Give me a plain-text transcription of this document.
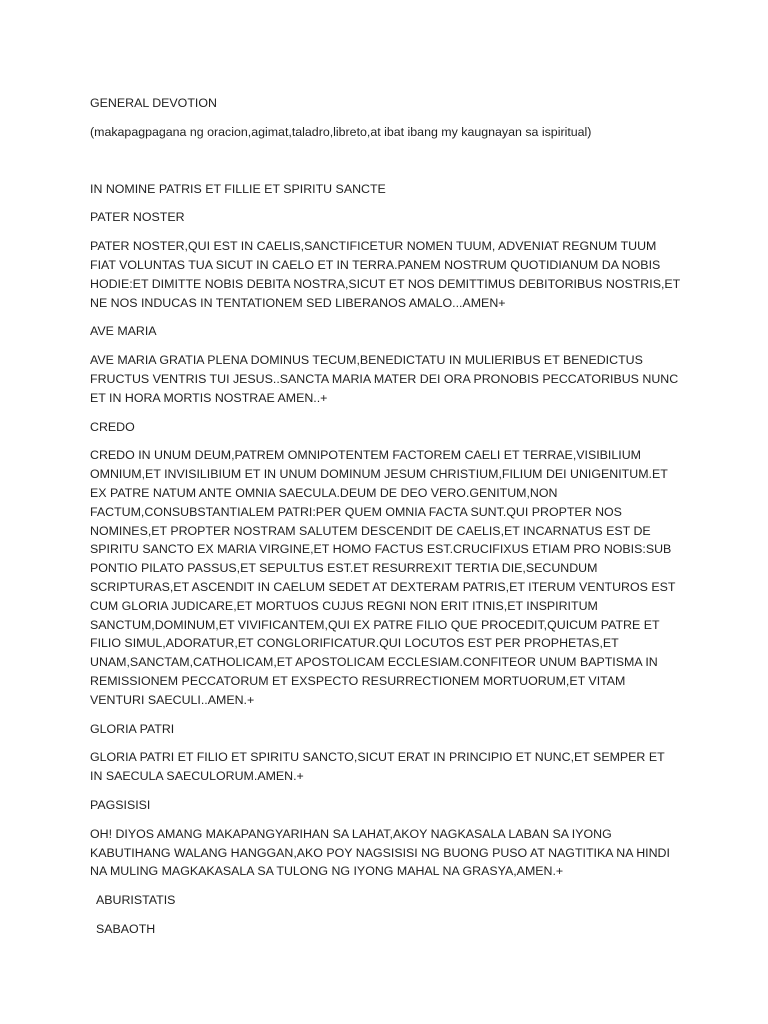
GENERAL DEVOTION

(makapagpagana ng oracion,agimat,taladro,libreto,at ibat ibang my kaugnayan sa ispiritual)

IN NOMINE PATRIS ET FILLIE ET SPIRITU SANCTE

PATER NOSTER

PATER NOSTER,QUI EST IN CAELIS,SANCTIFICETUR NOMEN TUUM, ADVENIAT REGNUM TUUM FIAT VOLUNTAS TUA SICUT IN CAELO ET IN TERRA.PANEM NOSTRUM QUOTIDIANUM DA NOBIS HODIE:ET DIMITTE NOBIS DEBITA NOSTRA,SICUT ET NOS DEMITTIMUS DEBITORIBUS NOSTRIS,ET NE NOS INDUCAS IN TENTATIONEM SED LIBERANOS AMALO...AMEN+

AVE MARIA

AVE MARIA GRATIA PLENA DOMINUS TECUM,BENEDICTATU IN MULIERIBUS ET BENEDICTUS FRUCTUS VENTRIS TUI JESUS..SANCTA MARIA MATER DEI ORA PRONOBIS PECCATORIBUS NUNC ET IN HORA MORTIS NOSTRAE AMEN..+

CREDO

CREDO IN UNUM DEUM,PATREM OMNIPOTENTEM FACTOREM CAELI ET TERRAE,VISIBILIUM OMNIUM,ET INVISILIBIUM ET IN UNUM DOMINUM JESUM CHRISTIUM,FILIUM DEI UNIGENITUM.ET EX PATRE NATUM ANTE OMNIA SAECULA.DEUM DE DEO VERO.GENITUM,NON FACTUM,CONSUBSTANTIALEM PATRI:PER QUEM OMNIA FACTA SUNT.QUI PROPTER NOS NOMINES,ET PROPTER NOSTRAM SALUTEM DESCENDIT DE CAELIS,ET INCARNATUS EST DE SPIRITU SANCTO EX MARIA VIRGINE,ET HOMO FACTUS EST.CRUCIFIXUS ETIAM PRO NOBIS:SUB PONTIO PILATO PASSUS,ET SEPULTUS EST.ET RESURREXIT TERTIA DIE,SECUNDUM SCRIPTURAS,ET ASCENDIT IN CAELUM SEDET AT DEXTERAM PATRIS,ET ITERUM VENTUROS EST CUM GLORIA JUDICARE,ET MORTUOS CUJUS REGNI NON ERIT ITNIS,ET INSPIRITUM SANCTUM,DOMINUM,ET VIVIFICANTEM,QUI EX PATRE FILIO QUE PROCEDIT,QUICUM PATRE ET FILIO SIMUL,ADORATUR,ET CONGLORIFICATUR.QUI LOCUTOS EST PER PROPHETAS,ET UNAM,SANCTAM,CATHOLICAM,ET APOSTOLICAM ECCLESIAM.CONFITEOR UNUM BAPTISMA IN REMISSIONEM PECCATORUM ET EXSPECTO RESURRECTIONEM MORTUORUM,ET VITAM VENTURI SAECULI..AMEN.+

GLORIA PATRI

GLORIA PATRI ET FILIO ET SPIRITU SANCTO,SICUT ERAT IN PRINCIPIO ET NUNC,ET SEMPER ET IN SAECULA SAECULORUM.AMEN.+

PAGSISISI

OH! DIYOS AMANG MAKAPANGYARIHAN SA LAHAT,AKOY NAGKASALA LABAN SA IYONG KABUTIHANG WALANG HANGGAN,AKO POY NAGSISISI NG BUONG PUSO AT NAGTITIKA NA HINDI NA MULING MAGKAKASALA SA TULONG NG IYONG MAHAL NA GRASYA,AMEN.+

ABURISTATIS

SABAOTH
